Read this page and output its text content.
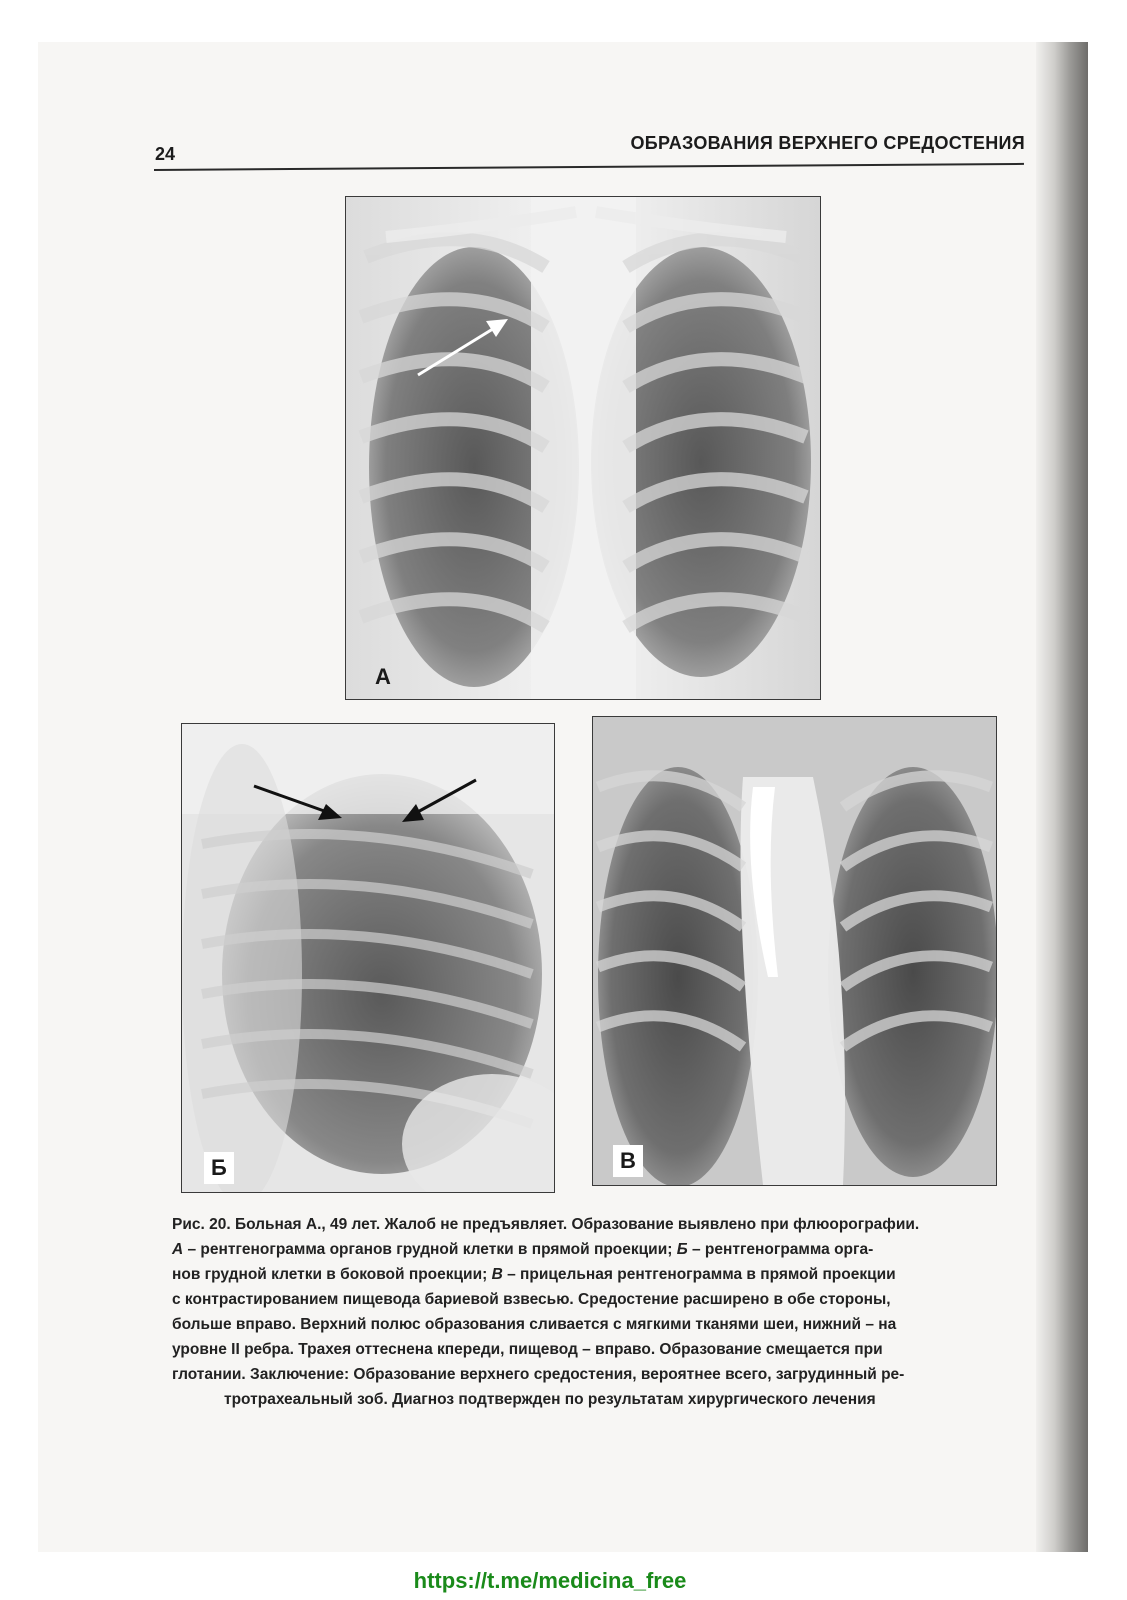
24
ОБРАЗОВАНИЯ ВЕРХНЕГО СРЕДОСТЕНИЯ
А
Б	В
Рис. 20. Больная А., 49 лет. Жалоб не предъявляет. Образование выявлено при флюорографии.
А – рентгенограмма органов грудной клетки в прямой проекции; Б – рентгенограмма орга-
нов грудной клетки в боковой проекции; В – прицельная рентгенограмма в прямой проекции
с контрастированием пищевода бариевой взвесью. Средостение расширено в обе стороны,
больше вправо. Верхний полюс образования сливается с мягкими тканями шеи, нижний – на
уровне II ребра. Трахея оттеснена кпереди, пищевод – вправо. Образование смещается при
глотании. Заключение: Образование верхнего средостения, вероятнее всего, загрудинный ре-
тротрахеальный зоб. Диагноз подтвержден по результатам хирургического лечения
https://t.me/medicina_free
